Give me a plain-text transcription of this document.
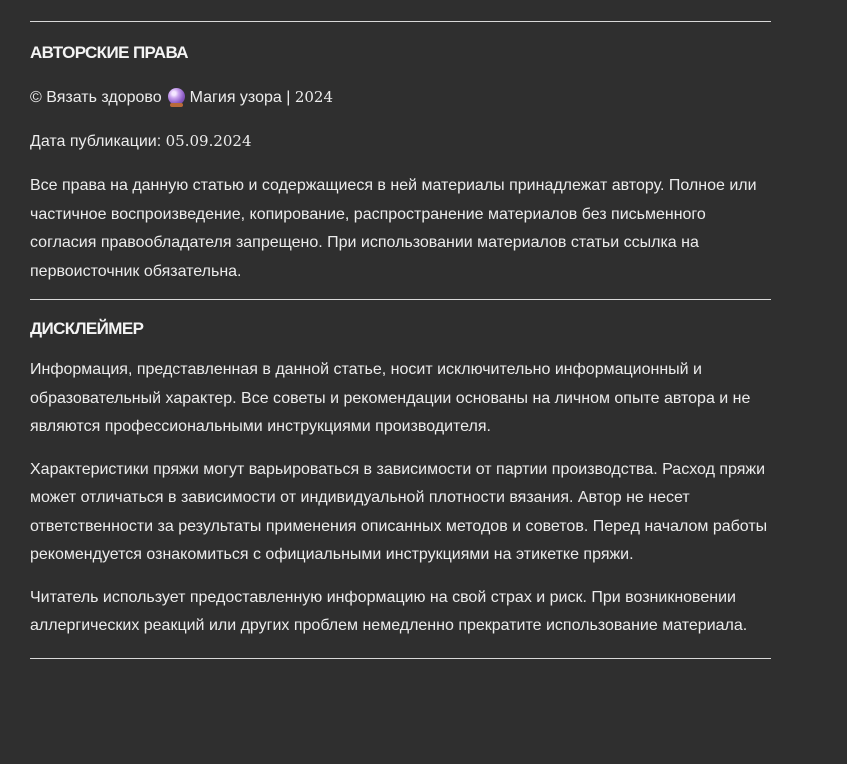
АВТОРСКИЕ ПРАВА

© Вязать здорово Магия узора | 2024

Дата публикации: 05.09.2024

Все права на данную статью и содержащиеся в ней материалы принадлежат автору. Полное или частичное воспроизведение, копирование, распространение материалов без письменного согласия правообладателя запрещено. При использовании материалов статьи ссылка на первоисточник обязательна.

ДИСКЛЕЙМЕР

Информация, представленная в данной статье, носит исключительно информационный и образовательный характер. Все советы и рекомендации основаны на личном опыте автора и не являются профессиональными инструкциями производителя.

Характеристики пряжи могут варьироваться в зависимости от партии производства. Расход пряжи может отличаться в зависимости от индивидуальной плотности вязания. Автор не несет ответственности за результаты применения описанных методов и советов. Перед началом работы рекомендуется ознакомиться с официальными инструкциями на этикетке пряжи.

Читатель использует предоставленную информацию на свой страх и риск. При возникновении аллергических реакций или других проблем немедленно прекратите использование материала.
